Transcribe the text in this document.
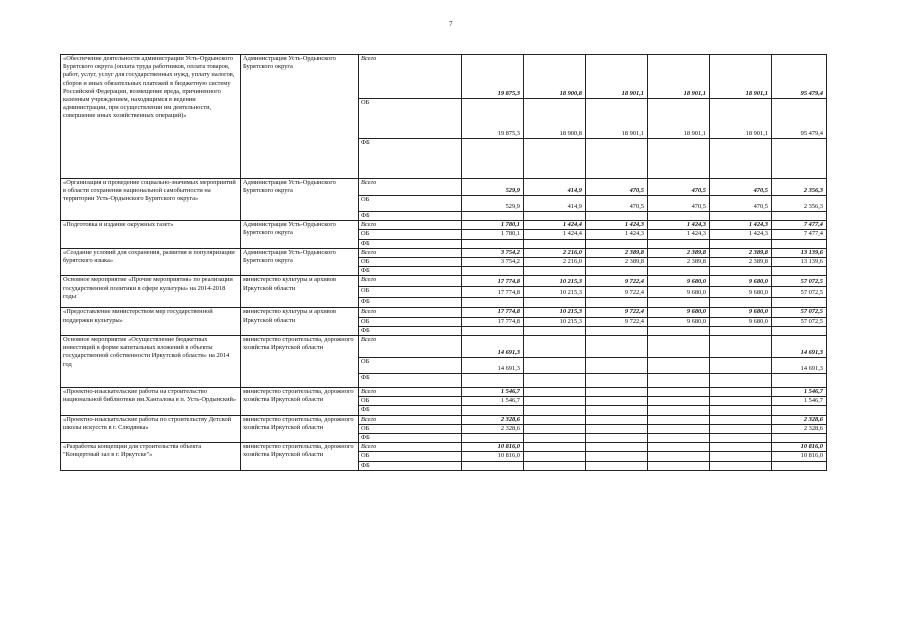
7
«Обеспечение деятельности администрации Усть-Ордынского Бурятского округа (оплата труда работников, оплата товаров, работ, услуг, услуг для государственных нужд, уплату налогов, сборов и иных обязательных платежей в бюджетную систему Российской Федерации, возмещение вреда, причиненного казенным учреждением, находящимся в ведении администрации, при осуществлении им деятельности, совершение иных хозяйственных операций)»	Администрация Усть-Ордынского Бурятского округа	Всего	19 875,3	18 900,8	18 901,1	18 901,1	18 901,1	95 479,4
		ОБ	19 875,3	18 900,8	18 901,1	18 901,1	18 901,1	95 479,4
		ФБ						
«Организация и проведение социально-значимых мероприятий в области сохранения национальной самобытности на территории Усть-Ордынского Бурятского округа»	Администрация Усть-Ордынского Бурятского округа	Всего	529,9	414,9	470,5	470,5	470,5	2 356,3
		ОБ	529,9	414,9	470,5	470,5	470,5	2 356,3
		ФБ						
«Подготовка и издание окружных газет»	Администрация Усть-Ордынского Бурятского округа	Всего	1 780,1	1 424,4	1 424,3	1 424,3	1 424,3	7 477,4
		ОБ	1 780,1	1 424,4	1 424,3	1 424,3	1 424,3	7 477,4
		ФБ						
«Создание условий для сохранения, развития и популяризации бурятского языка»	Администрация Усть-Ордынского Бурятского округа	Всего	3 754,2	2 216,0	2 389,8	2 389,8	2 389,8	13 139,6
		ОБ	3 754,2	2 216,0	2 389,8	2 389,8	2 389,8	13 139,6
		ФБ						
Основное мероприятие «Прочие мероприятия» по реализации государственной политики в сфере культуры» на 2014-2018 годы	министерство культуры и архивов Иркутской области	Всего	17 774,8	10 215,3	9 722,4	9 680,0	9 680,0	57 072,5
		ОБ	17 774,8	10 215,3	9 722,4	9 680,0	9 680,0	57 072,5
		ФБ						
«Предоставление министерством мер государственной поддержки культуры»	министерство культуры и архивов Иркутской области	Всего	17 774,8	10 215,3	9 722,4	9 680,0	9 680,0	57 072,5
		ОБ	17 774,8	10 215,3	9 722,4	9 680,0	9 680,0	57 072,5
		ФБ						
Основное мероприятие «Осуществление бюджетных инвестиций в форме капитальных вложений в объекты государственной собственности Иркутской области» на 2014 год	министерство строительства, дорожного хозяйства Иркутской области	Всего	14 691,3					14 691,3
		ОБ	14 691,3					14 691,3
		ФБ						
«Проектно-изыскательские работы на строительство национальной библиотеки им.Хангалова в п. Усть-Ордынский»	министерство строительства, дорожного хозяйства Иркутской области	Всего	1 546,7					1 546,7
		ОБ	1 546,7					1 546,7
		ФБ						
«Проектно-изыскательские работы по строительству Детской школы искусств в г. Слюдянка»	министерство строительства, дорожного хозяйства Иркутской области	Всего	2 328,6					2 328,6
		ОБ	2 328,6					2 328,6
		ФБ						
«Разработка концепции для строительства объекта "Концертный зал в г. Иркутске"»	министерство строительства, дорожного хозяйства Иркутской области	Всего	10 816,0					10 816,0
		ОБ	10 816,0					10 816,0
		ФБ						
